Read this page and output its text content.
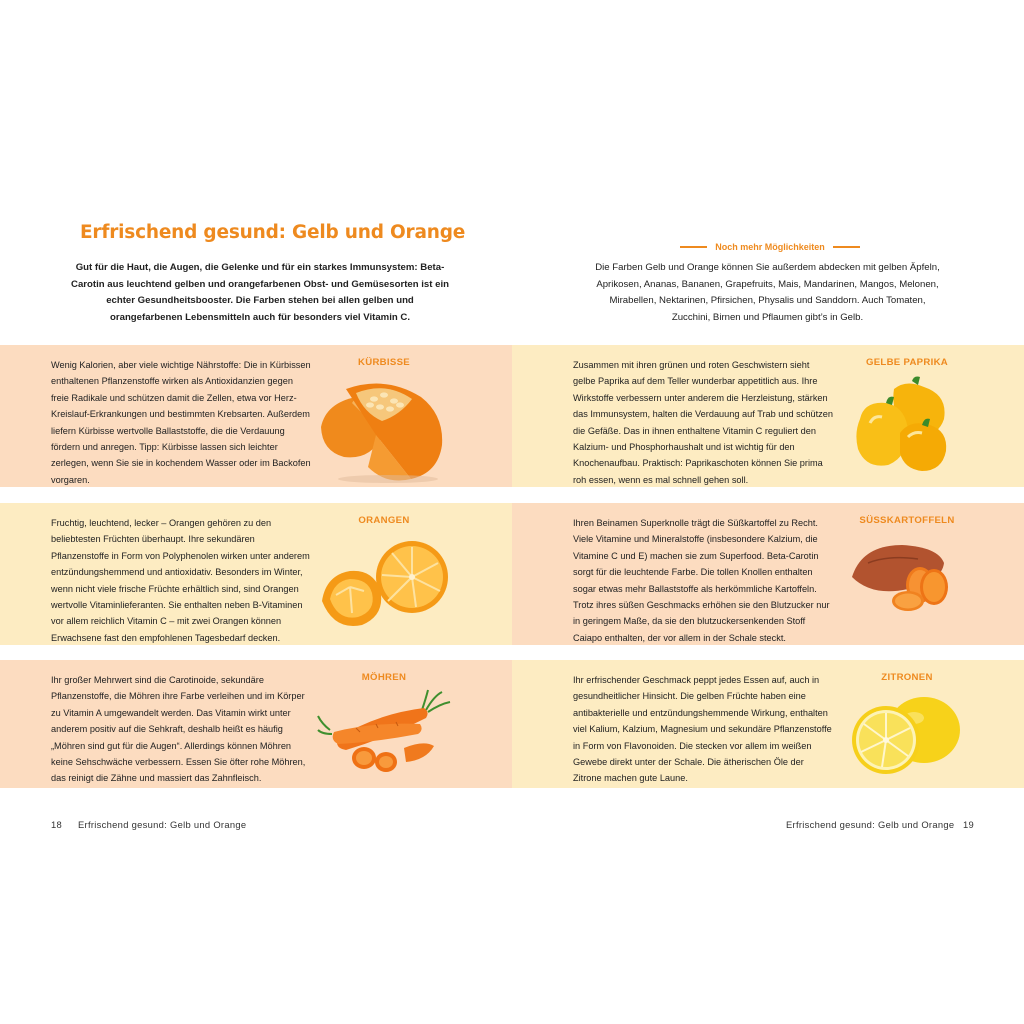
Erfrischend gesund: Gelb und Orange
Gut für die Haut, die Augen, die Gelenke und für ein starkes Immunsystem: Beta-Carotin aus leuchtend gelben und orangefarbenen Obst- und Gemüsesorten ist ein echter Gesundheitsbooster. Die Farben stehen bei allen gelben und orangefarbenen Lebensmitteln auch für besonders viel Vitamin C.
Noch mehr Möglichkeiten
Die Farben Gelb und Orange können Sie außerdem abdecken mit gelben Äpfeln, Aprikosen, Ananas, Bananen, Grapefruits, Mais, Mandarinen, Mangos, Melonen, Mirabellen, Nektarinen, Pfirsichen, Physalis und Sanddorn. Auch Tomaten, Zucchini, Birnen und Pflaumen gibt’s in Gelb.
Wenig Kalorien, aber viele wichtige Nährstoffe: Die in Kürbissen enthaltenen Pflanzenstoffe wirken als Antioxidanzien gegen freie Radikale und schützen damit die Zellen, etwa vor Herz-Kreislauf-Erkrankungen und bestimmten Krebsarten. Außerdem liefern Kürbisse wertvolle Ballaststoffe, die die Verdauung fördern und anregen. Tipp: Kürbisse lassen sich leichter zerlegen, wenn Sie sie in kochendem Wasser oder im Backofen vorgaren.
KÜRBISSE	Zusammen mit ihren grünen und roten Geschwistern sieht gelbe Paprika auf dem Teller wunderbar appetitlich aus. Ihre Wirkstoffe verbessern unter anderem die Herzleistung, stärken das Immunsystem, halten die Verdauung auf Trab und schützen die Gefäße. Das in ihnen enthaltene Vitamin C reguliert den Kalzium- und Phosphorhaushalt und ist wichtig für den Knochenaufbau. Praktisch: Paprikaschoten können Sie prima roh essen, wenn es mal schnell gehen soll.
GELBE PAPRIKA
Fruchtig, leuchtend, lecker – Orangen gehören zu den beliebtesten Früchten überhaupt. Ihre sekundären Pflanzenstoffe in Form von Polyphenolen wirken unter anderem entzündungshemmend und antioxidativ. Besonders im Winter, wenn nicht viele frische Früchte erhältlich sind, sind Orangen wertvolle Vitaminlieferanten. Sie enthalten neben B-Vitaminen vor allem reichlich Vitamin C – mit zwei Orangen können Erwachsene fast den empfohlenen Tagesbedarf decken.
ORANGEN	Ihren Beinamen Superknolle trägt die Süßkartoffel zu Recht. Viele Vitamine und Mineralstoffe (insbesondere Kalzium, die Vitamine C und E) machen sie zum Superfood. Beta-Carotin sorgt für die leuchtende Farbe. Die tollen Knollen enthalten sogar etwas mehr Ballaststoffe als herkömmliche Kartoffeln. Trotz ihres süßen Geschmacks erhöhen sie den Blutzucker nur in geringem Maße, da sie den blutzuckersenkenden Stoff Caiapo enthalten, der vor allem in der Schale steckt.
SÜSSKARTOFFELN
Ihr großer Mehrwert sind die Carotinoide, sekundäre Pflanzenstoffe, die Möhren ihre Farbe verleihen und im Körper zu Vitamin A umgewandelt werden. Das Vitamin wirkt unter anderem positiv auf die Sehkraft, deshalb heißt es häufig „Möhren sind gut für die Augen“. Allerdings können Möhren keine Sehschwäche verbessern. Essen Sie öfter rohe Möhren, das reinigt die Zähne und massiert das Zahnfleisch.
MÖHREN	Ihr erfrischender Geschmack peppt jedes Essen auf, auch in gesundheitlicher Hinsicht. Die gelben Früchte haben eine antibakterielle und entzündungshemmende Wirkung, enthalten viel Kalium, Kalzium, Magnesium und sekundäre Pflanzenstoffe in Form von Flavonoiden. Die stecken vor allem im weißen Gewebe direkt unter der Schale. Die ätherischen Öle der Zitrone machen gute Laune.
ZITRONEN
18 Erfrischend gesund: Gelb und Orange	Erfrischend gesund: Gelb und Orange 19
